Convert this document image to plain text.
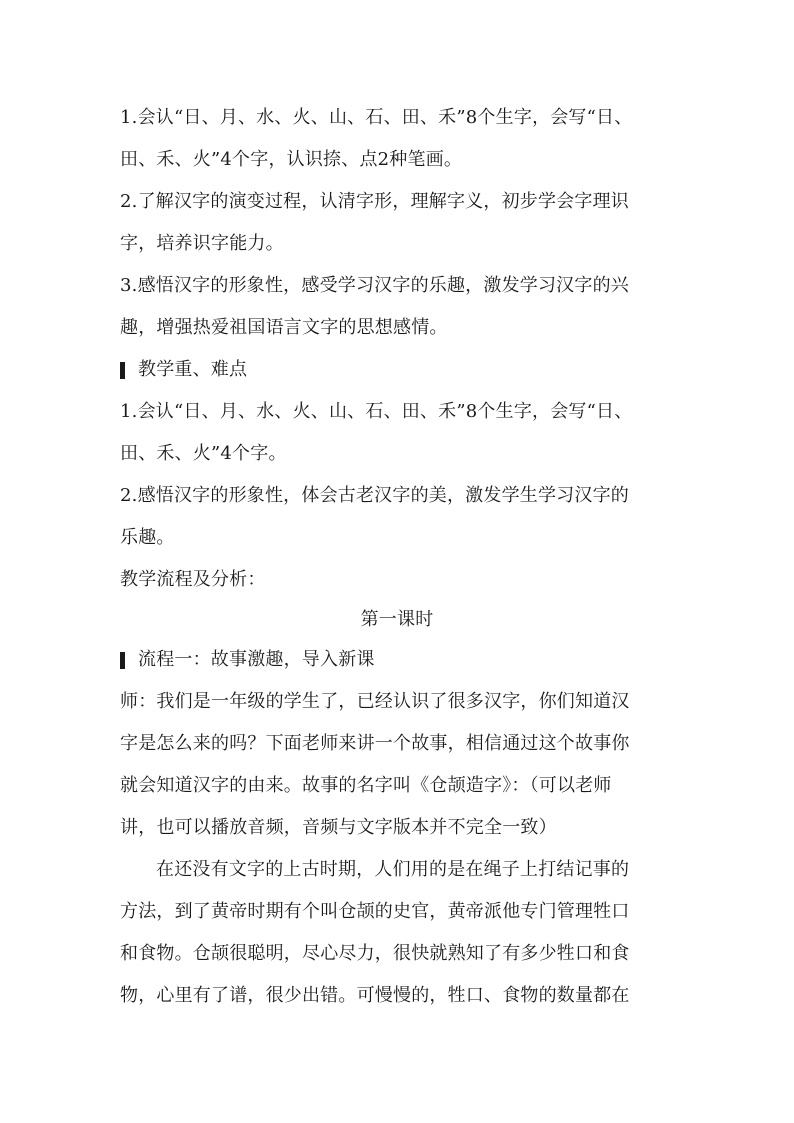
1.会认“日、月、水、火、山、石、田、禾”8个生字，会写“日、
田、禾、火”4个字，认识捺、点2种笔画。
2.了解汉字的演变过程，认清字形，理解字义，初步学会字理识
字，培养识字能力。
3.感悟汉字的形象性，感受学习汉字的乐趣，激发学习汉字的兴
趣，增强热爱祖国语言文字的思想感情。
教学重、难点
1.会认“日、月、水、火、山、石、田、禾”8个生字，会写“日、
田、禾、火”4个字。
2.感悟汉字的形象性，体会古老汉字的美，激发学生学习汉字的
乐趣。
教学流程及分析：
第一课时
流程一：故事激趣，导入新课
师：我们是一年级的学生了，已经认识了很多汉字，你们知道汉
字是怎么来的吗？下面老师来讲一个故事，相信通过这个故事你
就会知道汉字的由来。故事的名字叫《仓颉造字》：（可以老师
讲，也可以播放音频，音频与文字版本并不完全一致）
在还没有文字的上古时期，人们用的是在绳子上打结记事的
方法，到了黄帝时期有个叫仓颉的史官，黄帝派他专门管理牲口
和食物。仓颉很聪明，尽心尽力，很快就熟知了有多少牲口和食
物，心里有了谱，很少出错。可慢慢的，牲口、食物的数量都在
